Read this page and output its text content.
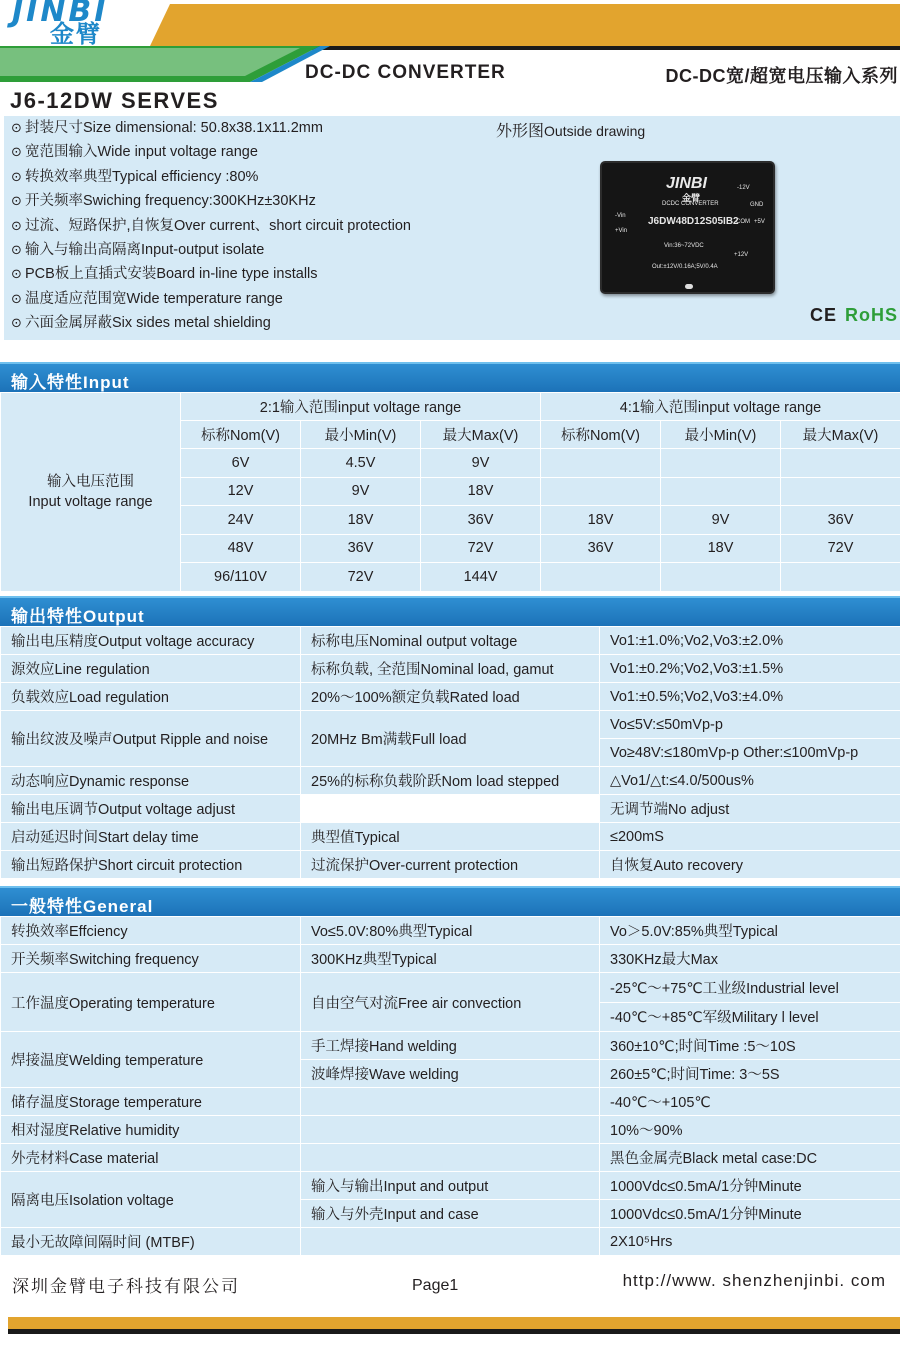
JINBI
金臂
DC-DC CONVERTER	DC-DC宽/超宽电压输入系列
J6-12DW SERVES
⊙ 封装尺寸Size dimensional: 50.8x38.1x11.2mm
⊙ 宽范围输入Wide input voltage range
⊙ 转换效率典型Typical efficiency :80%
⊙ 开关频率Swiching frequency:300KHz±30KHz
⊙ 过流、短路保护,自恢复Over current、short circuit protection
⊙ 输入与输出高隔离Input-output isolate
⊙ PCB板上直插式安装Board in-line type installs
⊙ 温度适应范围宽Wide temperature range
⊙ 六面金属屏蔽Six sides metal shielding
外形图Outside drawing
JINBI
金臂
DCDC CONVERTER
J6DW48D12S05IB2
Vin:36~72VDC
Out:±12V/0.16A;5V/0.4A
-Vin
+Vin
-12V
GND
COM +5V
+12V
CE RoHS
输入特性Input
输入电压范围
Input voltage range	2:1输入范围input voltage range			4:1输入范围input voltage range		
	标称Nom(V)	最小Min(V)	最大Max(V)	标称Nom(V)	最小Min(V)	最大Max(V)
	6V	4.5V	9V			
	12V	9V	18V			
	24V	18V	36V	18V	9V	36V
	48V	36V	72V	36V	18V	72V
	96/110V	72V	144V			
输出特性Output
输出电压精度Output voltage accuracy	标称电压Nominal output voltage	Vo1:±1.0%;Vo2,Vo3:±2.0%
源效应Line regulation	标称负载, 全范围Nominal load, gamut	Vo1:±0.2%;Vo2,Vo3:±1.5%
负载效应Load regulation	20%～100%额定负载Rated load	Vo1:±0.5%;Vo2,Vo3:±4.0%
输出纹波及噪声Output Ripple and noise	20MHz Bm满载Full load	Vo≤5V:≤50mVp-p
		Vo≥48V:≤180mVp-p Other:≤100mVp-p
动态响应Dynamic response	25%的标称负载阶跃Nom load stepped	△Vo1/△t:≤4.0/500us%
输出电压调节Output voltage adjust		无调节端No adjust
启动延迟时间Start delay time	典型值Typical	≤200mS
输出短路保护Short circuit protection	过流保护Over-current protection	自恢复Auto recovery
一般特性General
转换效率Effciency	Vo≤5.0V:80%典型Typical	Vo＞5.0V:85%典型Typical
开关频率Switching frequency	300KHz典型Typical	330KHz最大Max
工作温度Operating temperature	自由空气对流Free air convection	-25℃～+75℃工业级Industrial level
		-40℃～+85℃军级Military l level
焊接温度Welding temperature	手工焊接Hand welding	360±10℃;时间Time :5～10S
	波峰焊接Wave welding	260±5℃;时间Time: 3～5S
储存温度Storage temperature		-40℃～+105℃
相对湿度Relative humidity		10%～90%
外壳材料Case material		黑色金属壳Black metal case:DC
隔离电压Isolation voltage	输入与输出Input and output	1000Vdc≤0.5mA/1分钟Minute
	输入与外壳Input and case	1000Vdc≤0.5mA/1分钟Minute
最小无故障间隔时间 (MTBF)		2X10⁵Hrs
深圳金臂电子科技有限公司	Page1	http://www. shenzhenjinbi. com
